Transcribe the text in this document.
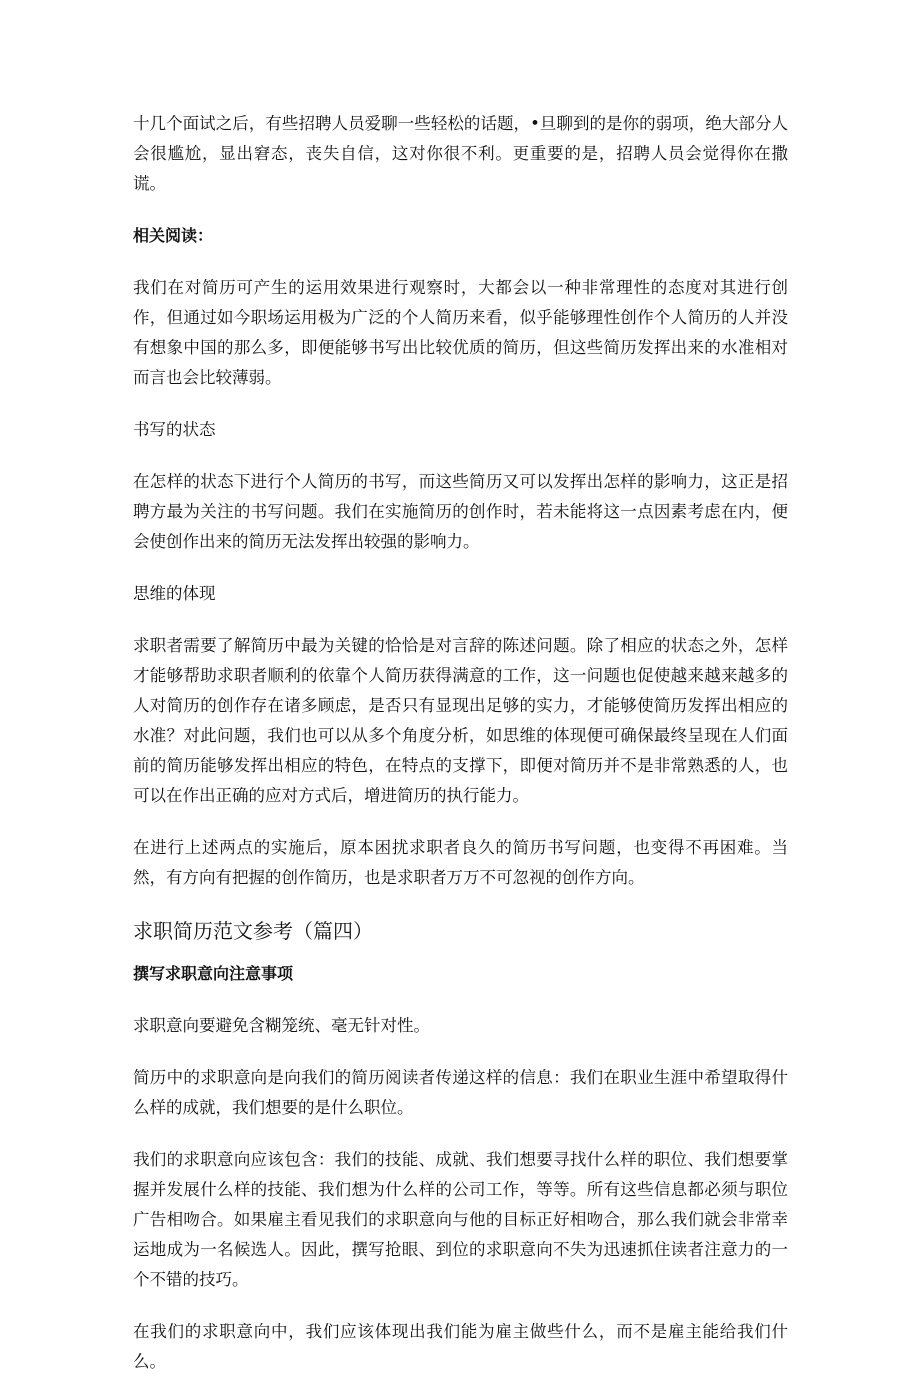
十几个面试之后，有些招聘人员爱聊一些轻松的话题，•旦聊到的是你的弱项，绝大部分人会很尴尬，显出窘态，丧失自信，这对你很不利。更重要的是，招聘人员会觉得你在撒谎。

相关阅读：

我们在对简历可产生的运用效果进行观察时，大都会以一种非常理性的态度对其进行创作，但通过如今职场运用极为广泛的个人简历来看，似乎能够理性创作个人简历的人并没有想象中国的那么多，即便能够书写出比较优质的简历，但这些简历发挥出来的水准相对而言也会比较薄弱。

书写的状态

在怎样的状态下进行个人简历的书写，而这些简历又可以发挥出怎样的影响力，这正是招聘方最为关注的书写问题。我们在实施简历的创作时，若未能将这一点因素考虑在内，便会使创作出来的简历无法发挥出较强的影响力。

思维的体现

求职者需要了解简历中最为关键的恰恰是对言辞的陈述问题。除了相应的状态之外，怎样才能够帮助求职者顺利的依靠个人简历获得满意的工作，这一问题也促使越来越来越多的人对简历的创作存在诸多顾虑，是否只有显现出足够的实力，才能够使简历发挥出相应的水准？对此问题，我们也可以从多个角度分析，如思维的体现便可确保最终呈现在人们面前的简历能够发挥出相应的特色，在特点的支撑下，即便对简历并不是非常熟悉的人，也可以在作出正确的应对方式后，增进简历的执行能力。

在进行上述两点的实施后，原本困扰求职者良久的简历书写问题，也变得不再困难。当然，有方向有把握的创作简历，也是求职者万万不可忽视的创作方向。

求职简历范文参考（篇四）

撰写求职意向注意事项

求职意向要避免含糊笼统、毫无针对性。

简历中的求职意向是向我们的简历阅读者传递这样的信息：我们在职业生涯中希望取得什么样的成就，我们想要的是什么职位。

我们的求职意向应该包含：我们的技能、成就、我们想要寻找什么样的职位、我们想要掌握并发展什么样的技能、我们想为什么样的公司工作，等等。所有这些信息都必须与职位广告相吻合。如果雇主看见我们的求职意向与他的目标正好相吻合，那么我们就会非常幸运地成为一名候选人。因此，撰写抢眼、到位的求职意向不失为迅速抓住读者注意力的一个不错的技巧。

在我们的求职意向中，我们应该体现出我们能为雇主做些什么，而不是雇主能给我们什么。
